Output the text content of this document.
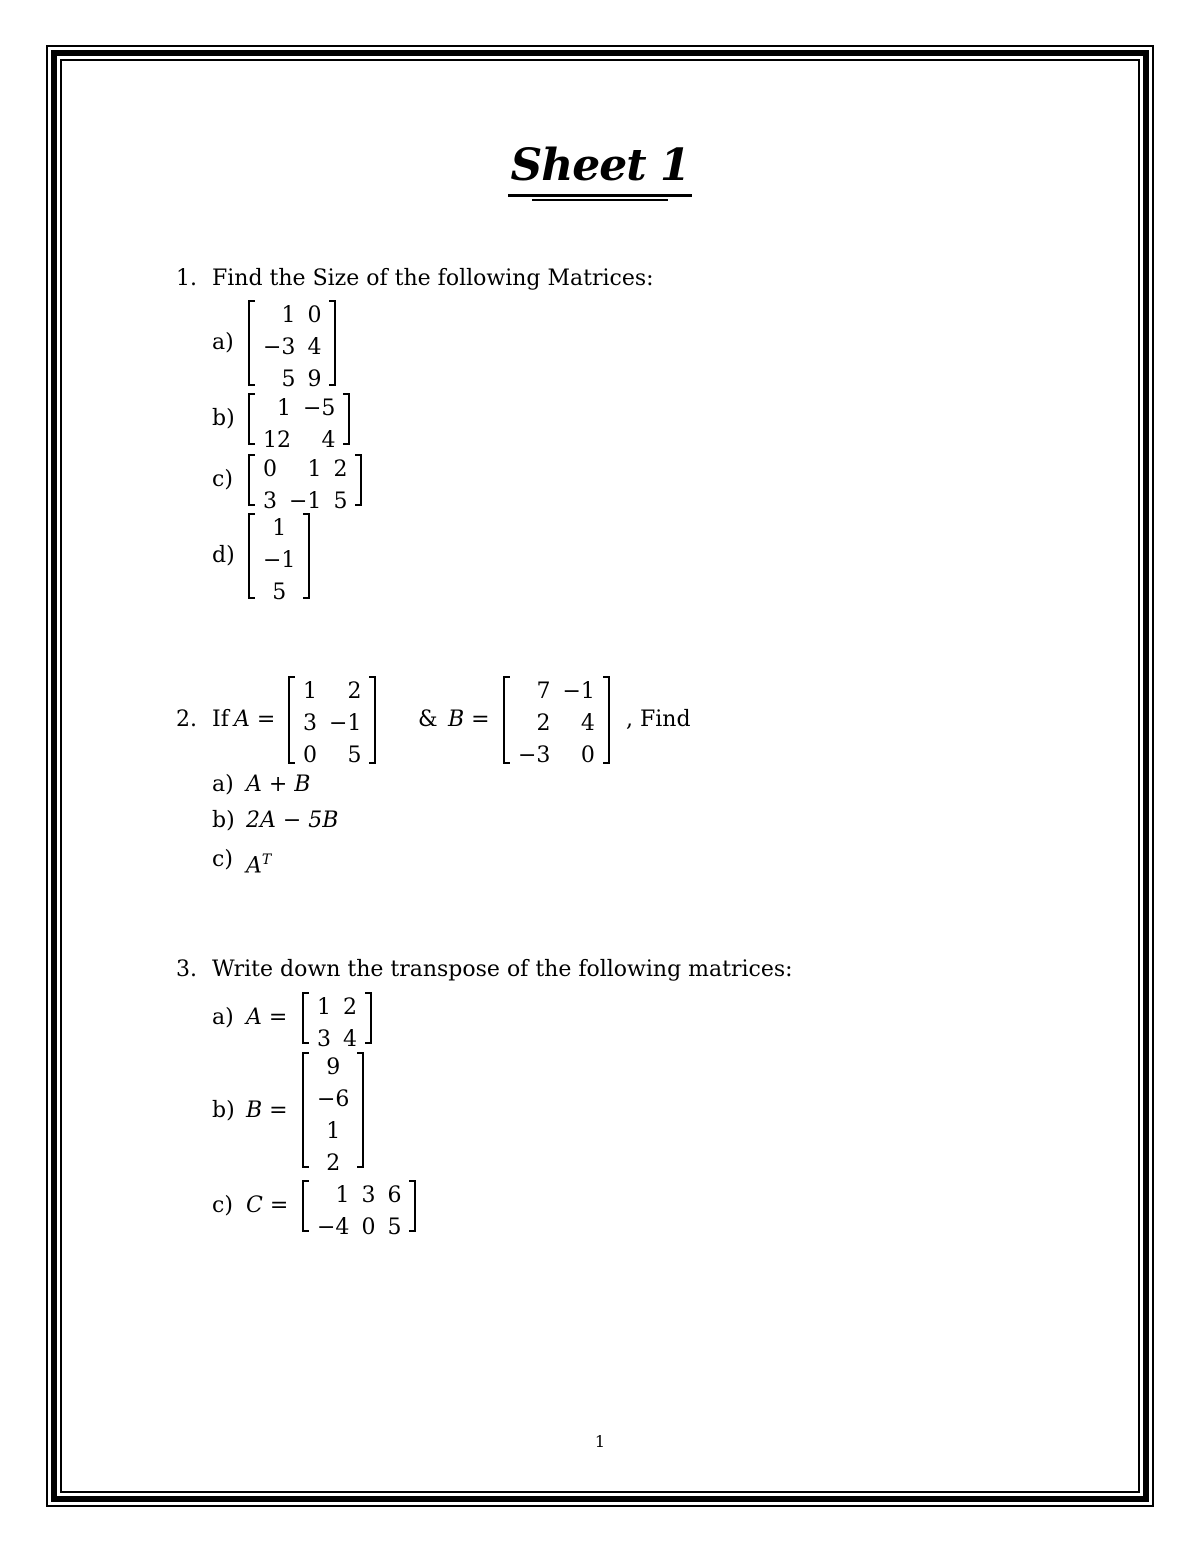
Sheet 1
1. Find the Size of the following Matrices:
a)
1 0
−3 4
5 9
b)	1 −5
12	4
c) 0	1 2
3 −1 5
d)
1
−1
5
2. If A =
1	2
3 −1
0	5
& B =
7 −1
2	4
−3	0
, Find
a) A + B
b) 2A − 5B
c) $A^T$
3. Write down the transpose of the following matrices:
a) A = 1 2
3 4
b) B =
9
−6
1
2
c) C =	1 3 6
−4 0 5
1
